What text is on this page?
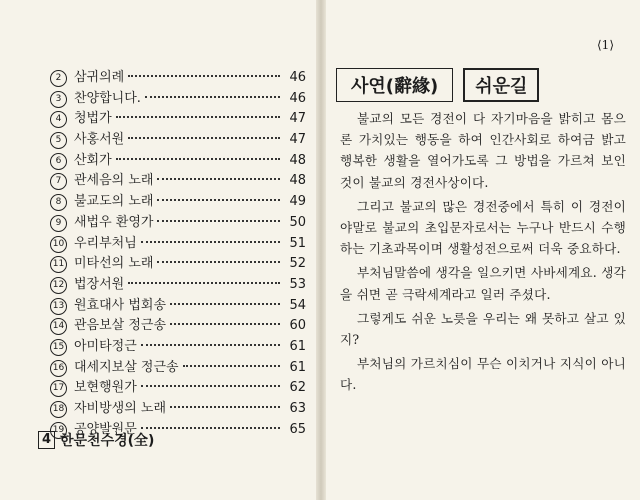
2 삼귀의례	46
3 찬양합니다.	46
4 청법가	47
5 사홍서원	47
6 산회가	48
7 관세음의 노래	48
8 불교도의 노래	49
9 새법우 환영가	50
10 우리부처님	51
11 미타선의 노래	52
12 법장서원	53
13 원효대사 법회송	54
14 관음보살 정근송	60
15 아미타정근	61
16 대세지보살 정근송	61
17 보현행원가	62
18 자비방생의 노래	63
19 공양발원문	65
4 한문천수경(全)
⟨1⟩
사연(辭緣)	쉬운길

불교의 모든 경전이 다 자기마음을 밝히고 몸으론 가치있는 행동을 하여 인간사회로 하여금 밝고 행복한 생활을 열어가도록 그 방법을 가르쳐 보인 것이 불교의 경전사상이다.

그리고 불교의 많은 경전중에서 특히 이 경전이야말로 불교의 초입문자로서는 누구나 반드시 수행하는 기초과목이며 생활성전으로써 더욱 중요하다.

부처님말씀에 생각을 일으키면 사바세계요. 생각을 쉬면 곧 극락세계라고 일러 주셨다.

그렇게도 쉬운 노릇을 우리는 왜 못하고 살고 있지?

부처님의 가르치심이 무슨 이치거나 지식이 아니다.
